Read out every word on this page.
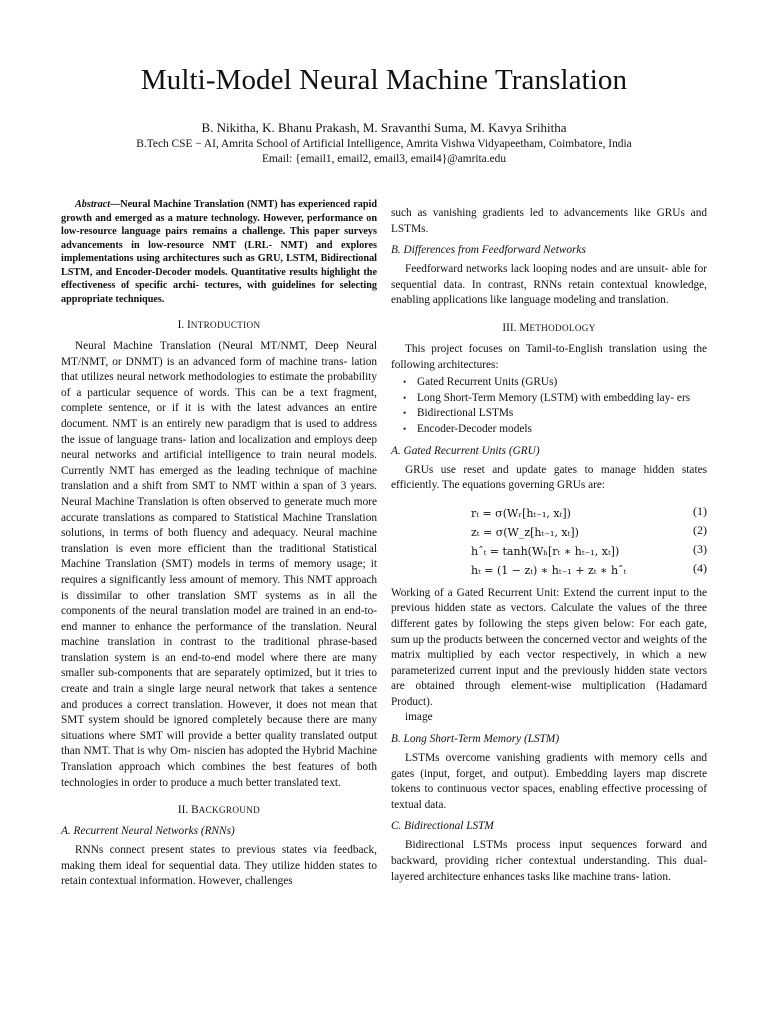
Multi-Model Neural Machine Translation
B. Nikitha, K. Bhanu Prakash, M. Sravanthi Suma, M. Kavya Srihitha
B.Tech CSE − AI, Amrita School of Artificial Intelligence, Amrita Vishwa Vidyapeetham, Coimbatore, India
Email: {email1, email2, email3, email4}@amrita.edu

Abstract—Neural Machine Translation (NMT) has experienced rapid growth and emerged as a mature technology. However, performance on low-resource language pairs remains a challenge. This paper surveys advancements in low-resource NMT (LRL- NMT) and explores implementations using architectures such as GRU, LSTM, Bidirectional LSTM, and Encoder-Decoder models. Quantitative results highlight the effectiveness of specific archi- tectures, with guidelines for selecting appropriate techniques.

I. INTRODUCTION

Neural Machine Translation (Neural MT/NMT, Deep Neural MT/NMT, or DNMT) is an advanced form of machine trans- lation that utilizes neural network methodologies to estimate the probability of a particular sequence of words. This can be a text fragment, complete sentence, or if it is with the latest advances an entire document. NMT is an entirely new paradigm that is used to address the issue of language trans- lation and localization and employs deep neural networks and artificial intelligence to train neural models. Currently NMT has emerged as the leading technique of machine translation and a shift from SMT to NMT within a span of 3 years. Neural Machine Translation is often observed to generate much more accurate translations as compared to Statistical Machine Translation solutions, in terms of both fluency and adequacy. Neural machine translation is even more efficient than the traditional Statistical Machine Translation (SMT) models in terms of memory usage; it requires a significantly less amount of memory. This NMT approach is dissimilar to other translation SMT systems as in all the components of the neural translation model are trained in an end-to-end manner to enhance the performance of the translation. Neural machine translation in contrast to the traditional phrase-based translation system is an end-to-end model where there are many smaller sub-components that are separately optimized, but it tries to create and train a single large neural network that takes a sentence and produces a correct translation. However, it does not mean that SMT system should be ignored completely because there are many situations where SMT will provide a better quality translated output than NMT. That is why Om- niscien has adopted the Hybrid Machine Translation approach which combines the best features of both technologies in order to produce a much better translated text.

II. BACKGROUND
A. Recurrent Neural Networks (RNNs)

RNNs connect present states to previous states via feedback, making them ideal for sequential data. They utilize hidden states to retain contextual information. However, challenges

such as vanishing gradients led to advancements like GRUs and LSTMs.

B. Differences from Feedforward Networks

Feedforward networks lack looping nodes and are unsuit- able for sequential data. In contrast, RNNs retain contextual knowledge, enabling applications like language modeling and translation.

III. METHODOLOGY

This project focuses on Tamil-to-English translation using the following architectures:

• Gated Recurrent Units (GRUs)
• Long Short-Term Memory (LSTM) with embedding lay- ers
• Bidirectional LSTMs
• Encoder-Decoder models
A. Gated Recurrent Units (GRU)

GRUs use reset and update gates to manage hidden states efficiently. The equations governing GRUs are:

rₜ = σ(Wᵣ[hₜ₋₁, xₜ])	(1)
zₜ = σ(W_z[hₜ₋₁, xₜ])	(2)
hˆₜ = tanh(Wₕ[rₜ ∗ hₜ₋₁, xₜ])	(3)
hₜ = (1 − zₜ) ∗ hₜ₋₁ + zₜ ∗ hˆₜ	(4)

Working of a Gated Recurrent Unit: Extend the current input to the previous hidden state as vectors. Calculate the values of the three different gates by following the steps given below: For each gate, sum up the products between the concerned vector and weights of the matrix multiplied by each vector respectively, in which a new parameterized current input and the previously hidden state vectors are obtained through element-wise multiplication (Hadamard Product).

image
B. Long Short-Term Memory (LSTM)

LSTMs overcome vanishing gradients with memory cells and gates (input, forget, and output). Embedding layers map discrete tokens to continuous vector spaces, enabling effective processing of textual data.

C. Bidirectional LSTM

Bidirectional LSTMs process input sequences forward and backward, providing richer contextual understanding. This dual-layered architecture enhances tasks like machine trans- lation.
